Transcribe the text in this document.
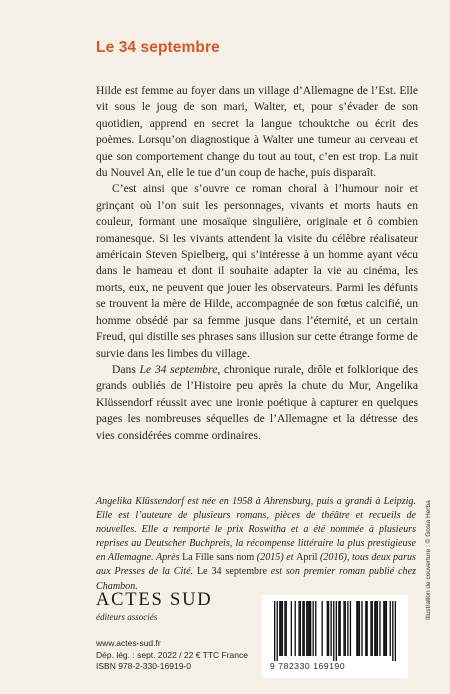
Le 34 septembre

Hilde est femme au foyer dans un village d’Allemagne de l’Est. Elle vit sous le joug de son mari, Walter, et, pour s’évader de son quotidien, apprend en secret la langue tchouktche ou écrit des poèmes. Lorsqu’on diagnostique à Walter une tumeur au cerveau et que son comportement change du tout au tout, c’en est trop. La nuit du Nouvel An, elle le tue d’un coup de hache, puis disparaît.

C’est ainsi que s’ouvre ce roman choral à l’humour noir et grinçant où l’on suit les personnages, vivants et morts hauts en couleur, formant une mosaïque singulière, originale et ô combien romanesque. Si les vivants attendent la visite du célèbre réalisateur américain Steven Spielberg, qui s’intéresse à un homme ayant vécu dans le hameau et dont il souhaite adapter la vie au cinéma, les morts, eux, ne peuvent que jouer les observateurs. Parmi les défunts se trouvent la mère de Hilde, accompagnée de son fœtus calcifié, un homme obsédé par sa femme jusque dans l’éternité, et un certain Freud, qui distille ses phrases sans illusion sur cette étrange forme de survie dans les limbes du village.

Dans Le 34 septembre, chronique rurale, drôle et folklorique des grands oubliés de l’Histoire peu après la chute du Mur, Angelika Klüssendorf réussit avec une ironie poétique à capturer en quelques pages les nombreuses séquelles de l’Allemagne et la détresse des vies considérées comme ordinaires.

Angelika Klüssendorf est née en 1958 à Ahrensburg, puis a grandi à Leipzig. Elle est l’auteure de plusieurs romans, pièces de théâtre et recueils de nouvelles. Elle a remporté le prix Roswitha et a été nommée à plusieurs reprises au Deutscher Buchpreis, la récompense littéraire la plus prestigieuse en Allemagne. Après La Fille sans nom (2015) et April (2016), tous deux parus aux Presses de la Cité. Le 34 septembre est son premier roman publié chez Chambon.	Illustration de couverture : © Gosia Herba
ACTES SUD
éditeurs associés
www.actes-sud.fr
Dép. lég. : sept. 2022 / 22 € TTC France
ISBN 978-2-330-16919-0	9 782330 169190
